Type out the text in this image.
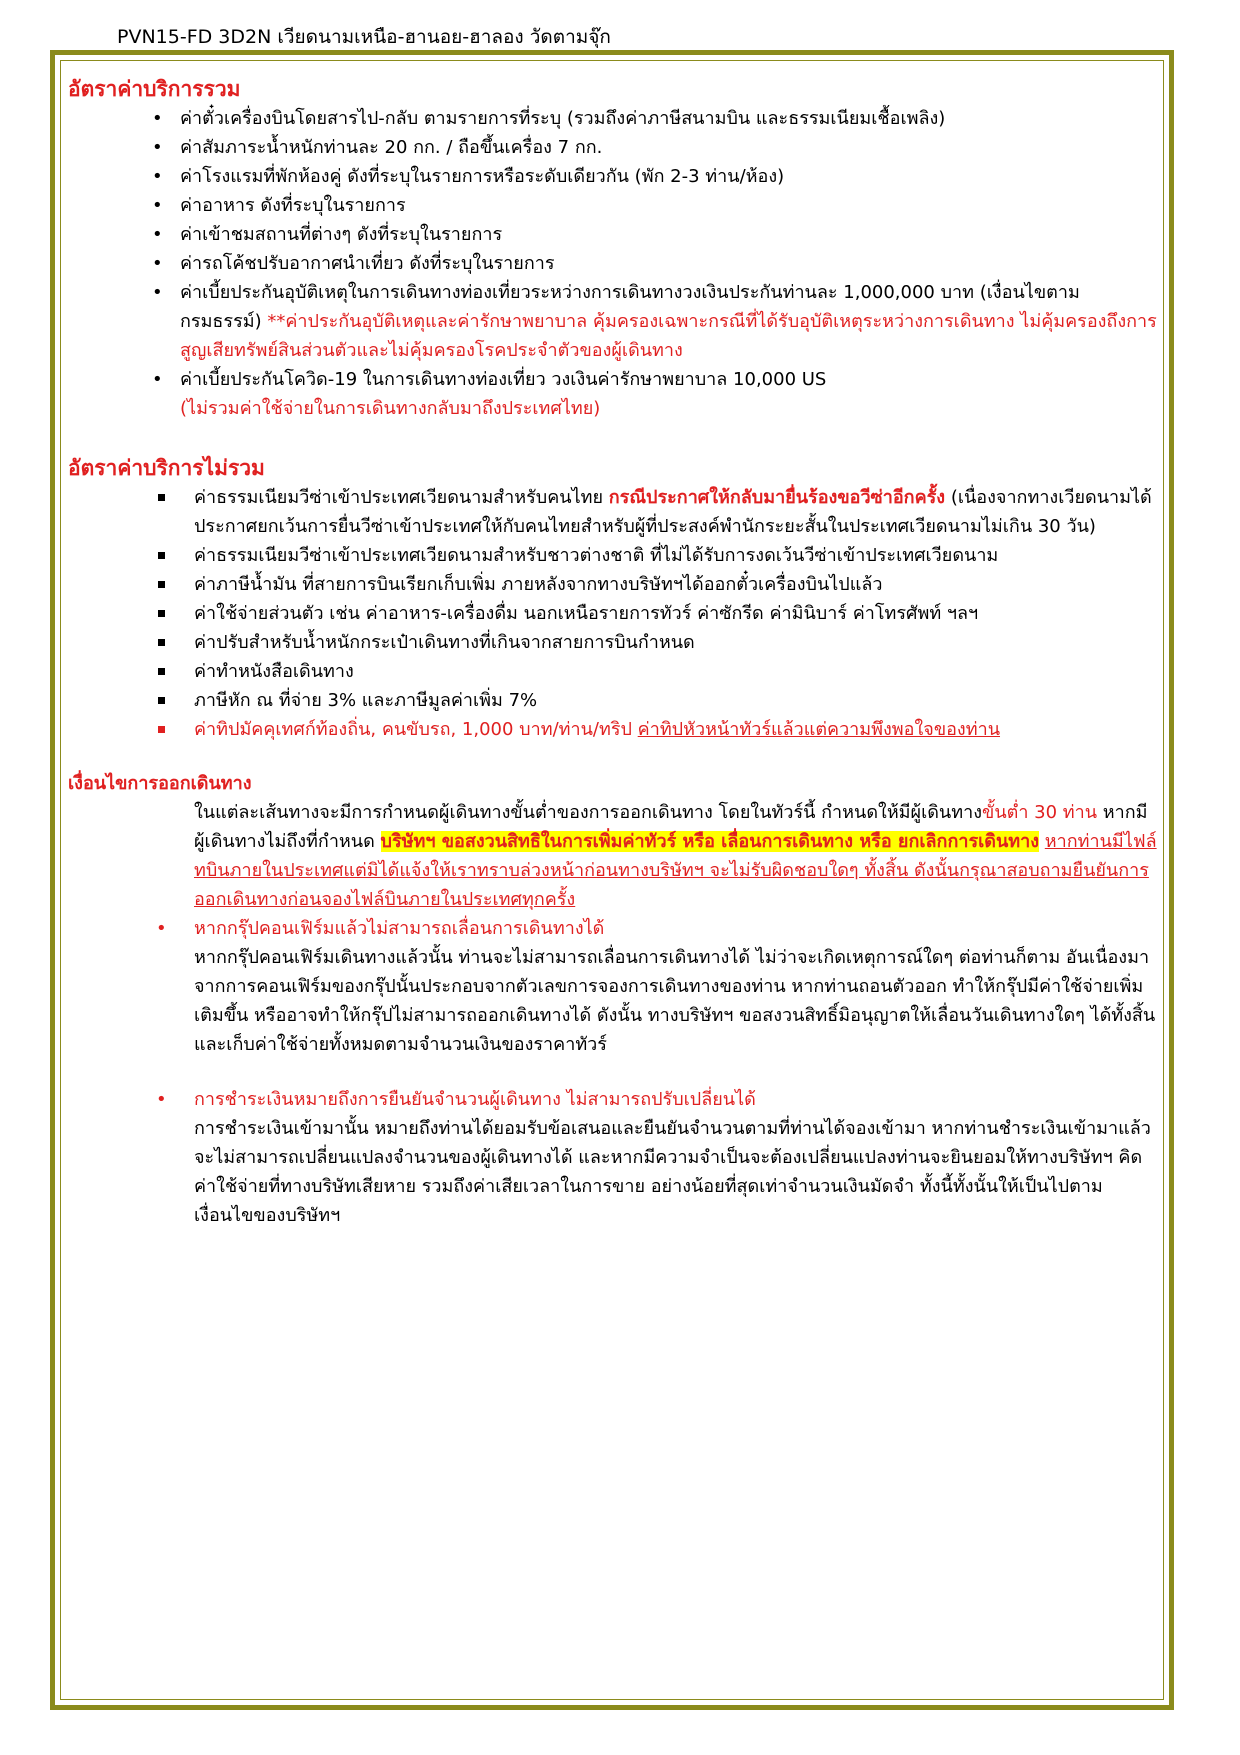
PVN15-FD 3D2N เวียดนามเหนือ-ฮานอย-ฮาลอง วัดตามจุ๊ก
อัตราค่าบริการรวม
• ค่าตั๋วเครื่องบินโดยสารไป-กลับ ตามรายการที่ระบุ (รวมถึงค่าภาษีสนามบิน และธรรมเนียมเชื้อเพลิง)
• ค่าสัมภาระน้ำหนักท่านละ 20 กก. / ถือขึ้นเครื่อง 7 กก.
• ค่าโรงแรมที่พักห้องคู่ ดังที่ระบุในรายการหรือระดับเดียวกัน (พัก 2-3 ท่าน/ห้อง)
• ค่าอาหาร ดังที่ระบุในรายการ
• ค่าเข้าชมสถานที่ต่างๆ ดังที่ระบุในรายการ
• ค่ารถโค้ชปรับอากาศนำเที่ยว ดังที่ระบุในรายการ
• ค่าเบี้ยประกันอุบัติเหตุในการเดินทางท่องเที่ยวระหว่างการเดินทางวงเงินประกันท่านละ 1,000,000 บาท (เงื่อนไขตามกรมธรรม์) **ค่าประกันอุบัติเหตุและค่ารักษาพยาบาล คุ้มครองเฉพาะกรณีที่ได้รับอุบัติเหตุระหว่างการเดินทาง ไม่คุ้มครองถึงการสูญเสียทรัพย์สินส่วนตัวและไม่คุ้มครองโรคประจำตัวของผู้เดินทาง
• ค่าเบี้ยประกันโควิด-19 ในการเดินทางท่องเที่ยว วงเงินค่ารักษาพยาบาล 10,000 US
(ไม่รวมค่าใช้จ่ายในการเดินทางกลับมาถึงประเทศไทย)
อัตราค่าบริการไม่รวม
ค่าธรรมเนียมวีซ่าเข้าประเทศเวียดนามสำหรับคนไทย กรณีประกาศให้กลับมายื่นร้องขอวีซ่าอีกครั้ง (เนื่องจากทางเวียดนามได้ประกาศยกเว้นการยื่นวีซ่าเข้าประเทศให้กับคนไทยสำหรับผู้ที่ประสงค์พำนักระยะสั้นในประเทศเวียดนามไม่เกิน 30 วัน)
ค่าธรรมเนียมวีซ่าเข้าประเทศเวียดนามสำหรับชาวต่างชาติ ที่ไม่ได้รับการงดเว้นวีซ่าเข้าประเทศเวียดนาม
ค่าภาษีน้ำมัน ที่สายการบินเรียกเก็บเพิ่ม ภายหลังจากทางบริษัทฯได้ออกตั๋วเครื่องบินไปแล้ว
ค่าใช้จ่ายส่วนตัว เช่น ค่าอาหาร-เครื่องดื่ม นอกเหนือรายการทัวร์ ค่าซักรีด ค่ามินิบาร์ ค่าโทรศัพท์ ฯลฯ
ค่าปรับสำหรับน้ำหนักกระเป๋าเดินทางที่เกินจากสายการบินกำหนด
ค่าทำหนังสือเดินทาง
ภาษีหัก ณ ที่จ่าย 3% และภาษีมูลค่าเพิ่ม 7%
ค่าทิปมัคคุเทศก์ท้องถิ่น, คนขับรถ, 1,000 บาท/ท่าน/ทริป ค่าทิปหัวหน้าทัวร์แล้วแต่ความพึงพอใจของท่าน
เงื่อนไขการออกเดินทาง
ในแต่ละเส้นทางจะมีการกำหนดผู้เดินทางขั้นต่ำของการออกเดินทาง โดยในทัวร์นี้ กำหนดให้มีผู้เดินทางขั้นต่ำ 30 ท่าน หากมีผู้เดินทางไม่ถึงที่กำหนด บริษัทฯ ขอสงวนสิทธิในการเพิ่มค่าทัวร์ หรือ เลื่อนการเดินทาง หรือ ยกเลิกการเดินทาง หากท่านมีไฟล์ทบินภายในประเทศแต่มิได้แจ้งให้เราทราบล่วงหน้าก่อนทางบริษัทฯ จะไม่รับผิดชอบใดๆ ทั้งสิ้น ดังนั้นกรุณาสอบถามยืนยันการออกเดินทางก่อนจองไฟล์บินภายในประเทศทุกครั้ง
• หากกรุ๊ปคอนเฟิร์มแล้วไม่สามารถเลื่อนการเดินทางได้
หากกรุ๊ปคอนเฟิร์มเดินทางแล้วนั้น ท่านจะไม่สามารถเลื่อนการเดินทางได้ ไม่ว่าจะเกิดเหตุการณ์ใดๆ ต่อท่านก็ตาม อันเนื่องมาจากการคอนเฟิร์มของกรุ๊ปนั้นประกอบจากตัวเลขการจองการเดินทางของท่าน หากท่านถอนตัวออก ทำให้กรุ๊ปมีค่าใช้จ่ายเพิ่มเติมขึ้น หรืออาจทำให้กรุ๊ปไม่สามารถออกเดินทางได้ ดังนั้น ทางบริษัทฯ ขอสงวนสิทธิ์มิอนุญาตให้เลื่อนวันเดินทางใดๆ ได้ทั้งสิ้นและเก็บค่าใช้จ่ายทั้งหมดตามจำนวนเงินของราคาทัวร์
• การชำระเงินหมายถึงการยืนยันจำนวนผู้เดินทาง ไม่สามารถปรับเปลี่ยนได้
การชำระเงินเข้ามานั้น หมายถึงท่านได้ยอมรับข้อเสนอและยืนยันจำนวนตามที่ท่านได้จองเข้ามา หากท่านชำระเงินเข้ามาแล้วจะไม่สามารถเปลี่ยนแปลงจำนวนของผู้เดินทางได้ และหากมีความจำเป็นจะต้องเปลี่ยนแปลงท่านจะยินยอมให้ทางบริษัทฯ คิดค่าใช้จ่ายที่ทางบริษัทเสียหาย รวมถึงค่าเสียเวลาในการขาย อย่างน้อยที่สุดเท่าจำนวนเงินมัดจำ ทั้งนี้ทั้งนั้นให้เป็นไปตามเงื่อนไขของบริษัทฯ
